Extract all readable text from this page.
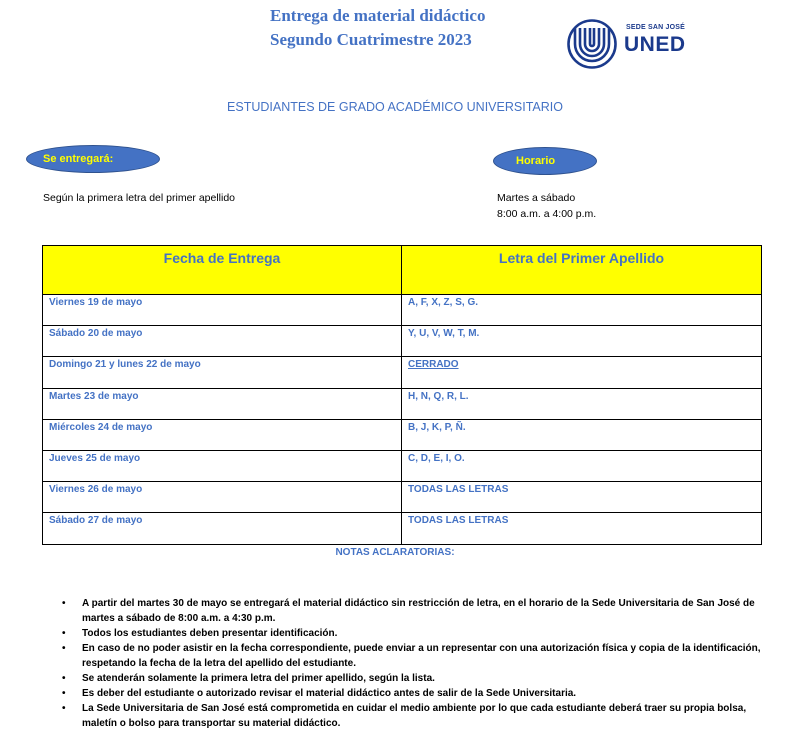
Entrega de material didáctico
Segundo Cuatrimestre 2023
SEDE SAN JOSÉ
UNED
ESTUDIANTES DE GRADO ACADÉMICO UNIVERSITARIO
Se entregará:	Horario
Según la primera letra del primer apellido	Martes a sábado
8:00 a.m. a 4:00 p.m.
Fecha de Entrega	Letra del Primer Apellido
Viernes 19 de mayo	A, F, X, Z, S, G.
Sábado 20 de mayo	Y, U, V, W, T, M.
Domingo 21 y lunes 22 de mayo	CERRADO
Martes 23 de mayo	H, N, Q, R, L.
Miércoles 24 de mayo	B, J, K, P, Ñ.
Jueves 25 de mayo	C, D, E, I, O.
Viernes 26 de mayo	TODAS LAS LETRAS
Sábado 27 de mayo	TODAS LAS LETRAS
NOTAS ACLARATORIAS:
• A partir del martes 30 de mayo se entregará el material didáctico sin restricción de letra, en el horario de la Sede Universitaria de San José de martes a sábado de 8:00 a.m. a 4:30 p.m.
• Todos los estudiantes deben presentar identificación.
• En caso de no poder asistir en la fecha correspondiente, puede enviar a un representar con una autorización física y copia de la identificación, respetando la fecha de la letra del apellido del estudiante.
• Se atenderán solamente la primera letra del primer apellido, según la lista.
• Es deber del estudiante o autorizado revisar el material didáctico antes de salir de la Sede Universitaria.
• La Sede Universitaria de San José está comprometida en cuidar el medio ambiente por lo que cada estudiante deberá traer su propia bolsa, maletín o bolso para transportar su material didáctico.
